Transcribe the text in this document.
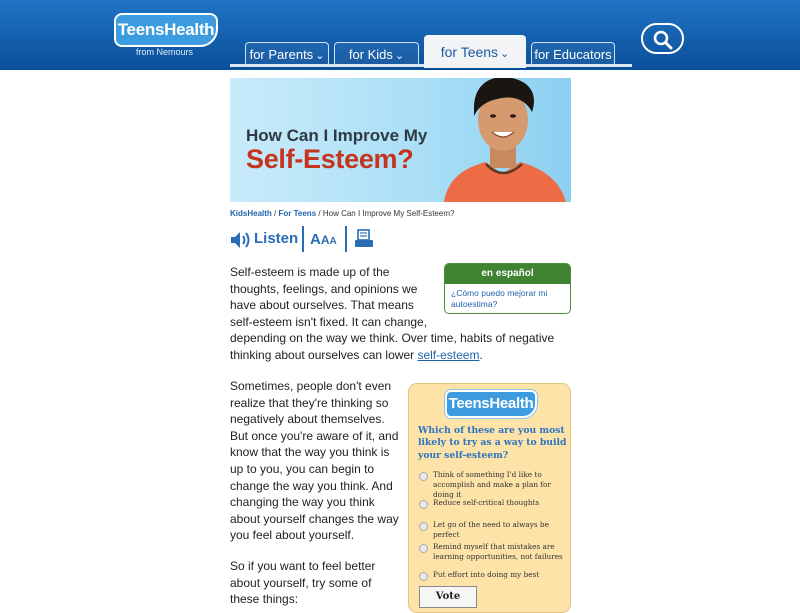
TeensHealth
from Nemours	for Parents ⌄	for Kids ⌄	for Teens ⌄	for Educators
How Can I Improve My
Self-Esteem?
KidsHealth / For Teens / How Can I Improve My Self-Esteem?
Listen AAA
Self-esteem is made up of the thoughts, feelings, and opinions we have about ourselves. That means self-esteem isn't fixed. It can change, depending on the way we think. Over time, habits of negative thinking about ourselves can lower self-esteem.
en español
¿Cómo puedo mejorar mi autoestima?
Sometimes, people don't even realize that they're thinking so negatively about themselves. But once you're aware of it, and know that the way you think is up to you, you can begin to change the way you think. And changing the way you think about yourself changes the way you feel about yourself.
So if you want to feel better about yourself, try some of these things:
TeensHealth
Which of these are you most likely to try as a way to build your self-esteem?
Think of something I'd like to accomplish and make a plan for doing it
Reduce self-critical thoughts
Let go of the need to always be perfect
Remind myself that mistakes are learning opportunities, not failures
Put effort into doing my best
Vote
